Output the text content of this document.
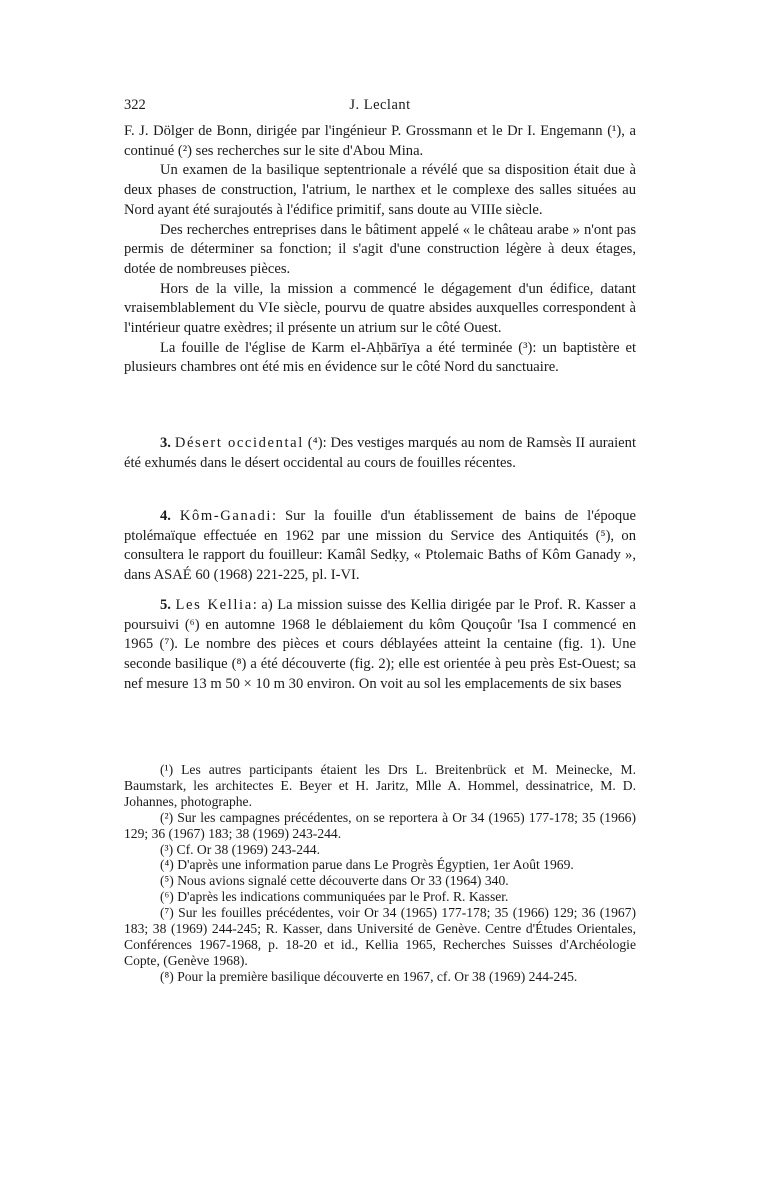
322	J. Leclant

F. J. Dölger de Bonn, dirigée par l'ingénieur P. Grossmann et le Dr I. Engemann (¹), a continué (²) ses recherches sur le site d'Abou Mina.

Un examen de la basilique septentrionale a révélé que sa disposition était due à deux phases de construction, l'atrium, le narthex et le complexe des salles situées au Nord ayant été surajoutés à l'édifice primitif, sans doute au VIIIe siècle.

Des recherches entreprises dans le bâtiment appelé « le château arabe » n'ont pas permis de déterminer sa fonction; il s'agit d'une construction légère à deux étages, dotée de nombreuses pièces.

Hors de la ville, la mission a commencé le dégagement d'un édifice, datant vraisemblablement du VIe siècle, pourvu de quatre absides auxquelles correspondent à l'intérieur quatre exèdres; il présente un atrium sur le côté Ouest.

La fouille de l'église de Karm el-Aḥbārīya a été terminée (³): un baptistère et plusieurs chambres ont été mis en évidence sur le côté Nord du sanctuaire.

3. Désert occidental (⁴): Des vestiges marqués au nom de Ramsès II auraient été exhumés dans le désert occidental au cours de fouilles récentes.

4. Kôm-Ganadi: Sur la fouille d'un établissement de bains de l'époque ptolémaïque effectuée en 1962 par une mission du Service des Antiquités (⁵), on consultera le rapport du fouilleur: Kamâl Sedḳy, « Ptolemaic Baths of Kôm Ganady », dans ASAÉ 60 (1968) 221-225, pl. I-VI.

5. Les Kellia: a) La mission suisse des Kellia dirigée par le Prof. R. Kasser a poursuivi (⁶) en automne 1968 le déblaiement du kôm Qouçoûr 'Isa I commencé en 1965 (⁷). Le nombre des pièces et cours déblayées atteint la centaine (fig. 1). Une seconde basilique (⁸) a été découverte (fig. 2); elle est orientée à peu près Est-Ouest; sa nef mesure 13 m 50 × 10 m 30 environ. On voit au sol les emplacements de six bases

(¹) Les autres participants étaient les Drs L. Breitenbrück et M. Meinecke, M. Baumstark, les architectes E. Beyer et H. Jaritz, Mlle A. Hommel, dessinatrice, M. D. Johannes, photographe.

(²) Sur les campagnes précédentes, on se reportera à Or 34 (1965) 177-178; 35 (1966) 129; 36 (1967) 183; 38 (1969) 243-244.

(³) Cf. Or 38 (1969) 243-244.

(⁴) D'après une information parue dans Le Progrès Égyptien, 1er Août 1969.

(⁵) Nous avions signalé cette découverte dans Or 33 (1964) 340.

(⁶) D'après les indications communiquées par le Prof. R. Kasser.

(⁷) Sur les fouilles précédentes, voir Or 34 (1965) 177-178; 35 (1966) 129; 36 (1967) 183; 38 (1969) 244-245; R. Kasser, dans Université de Genève. Centre d'Études Orientales, Conférences 1967-1968, p. 18-20 et id., Kellia 1965, Recherches Suisses d'Archéologie Copte, (Genève 1968).

(⁸) Pour la première basilique découverte en 1967, cf. Or 38 (1969) 244-245.
